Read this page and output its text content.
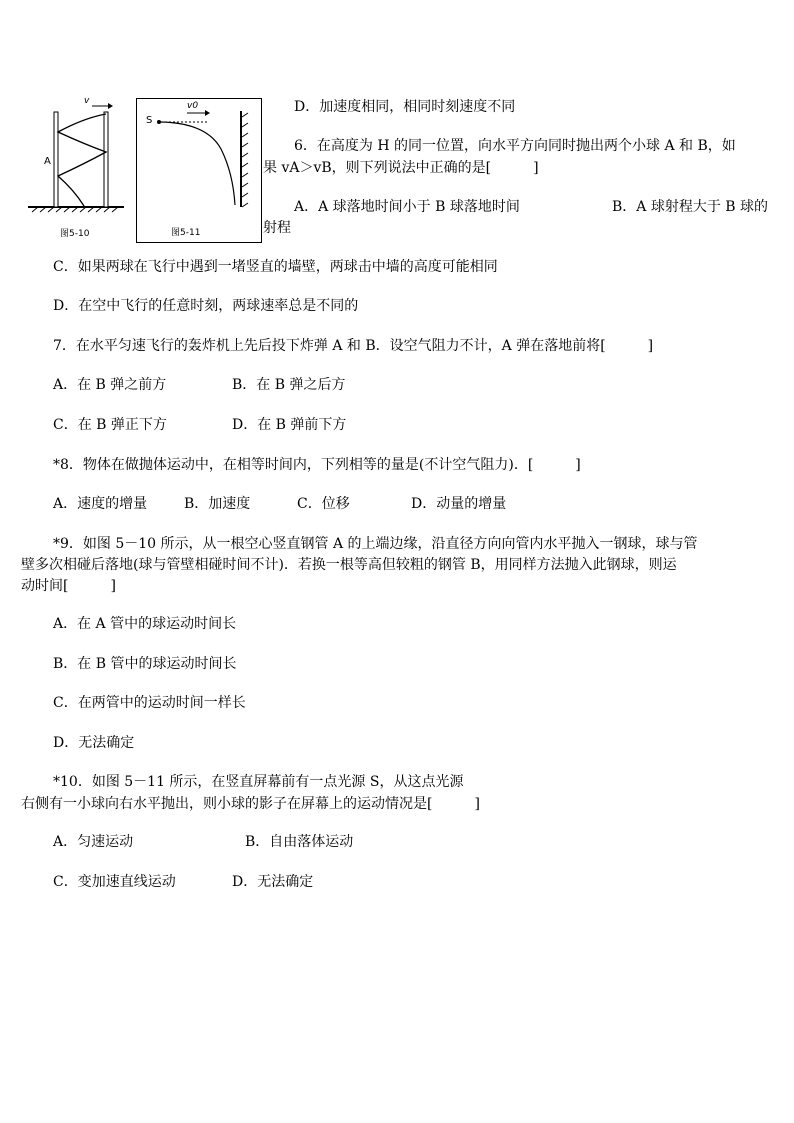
v
A
图5-10
S
v0
图5-11
D．加速度相同，相同时刻速度不同
6．在高度为 H 的同一位置，向水平方向同时抛出两个小球 A 和 B，如
果 vA＞vB，则下列说法中正确的是[　　　]
A．A 球落地时间小于 B 球落地时间	B．A 球射程大于 B 球的
射程
C．如果两球在飞行中遇到一堵竖直的墙壁，两球击中墙的高度可能相同
D．在空中飞行的任意时刻，两球速率总是不同的
7．在水平匀速飞行的轰炸机上先后投下炸弹 A 和 B．设空气阻力不计，A 弹在落地前将[　　　]
A．在 B 弹之前方	B．在 B 弹之后方
C．在 B 弹正下方	D．在 B 弹前下方
*8．物体在做抛体运动中，在相等时间内，下列相等的量是(不计空气阻力)．[　　　]
A．速度的增量	B．加速度	C．位移	D．动量的增量
*9．如图 5－10 所示，从一根空心竖直钢管 A 的上端边缘，沿直径方向向管内水平抛入一钢球，球与管
壁多次相碰后落地(球与管壁相碰时间不计)．若换一根等高但较粗的钢管 B，用同样方法抛入此钢球，则运
动时间[　　　]
A．在 A 管中的球运动时间长
B．在 B 管中的球运动时间长
C．在两管中的运动时间一样长
D．无法确定
*10．如图 5－11 所示，在竖直屏幕前有一点光源 S，从这点光源
右侧有一小球向右水平抛出，则小球的影子在屏幕上的运动情况是[　　　]
A．匀速运动	B．自由落体运动
C．变加速直线运动	D．无法确定
